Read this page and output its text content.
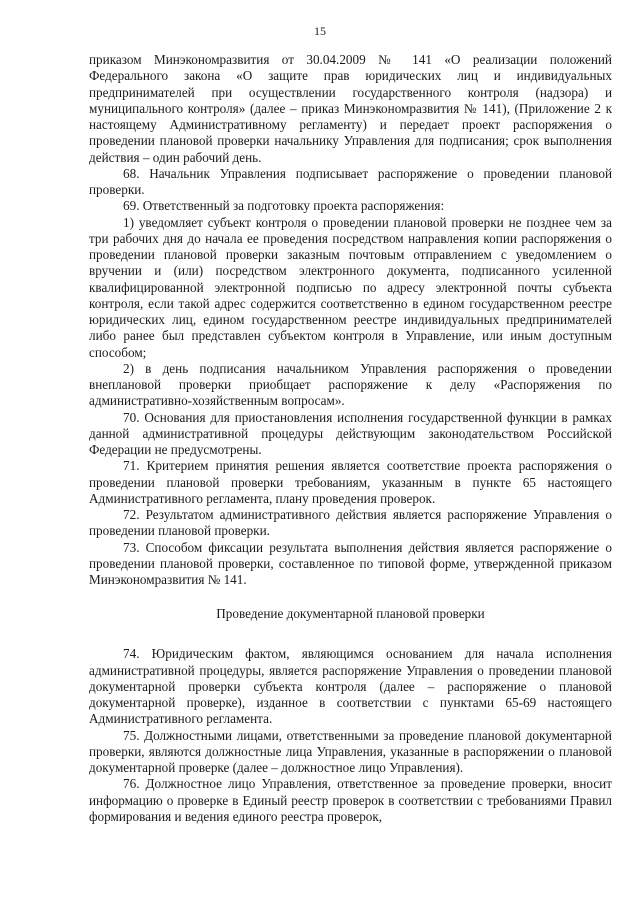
15

приказом Минэкономразвития от 30.04.2009 № 141 «О реализации положений Федерального закона «О защите прав юридических лиц и индивидуальных предпринимателей при осуществлении государственного контроля (надзора) и муниципального контроля» (далее – приказ Минэкономразвития № 141), (Приложение 2 к настоящему Административному регламенту) и передает проект распоряжения о проведении плановой проверки начальнику Управления для подписания; срок выполнения действия – один рабочий день.

68. Начальник Управления подписывает распоряжение о проведении плановой проверки.

69. Ответственный за подготовку проекта распоряжения:

1) уведомляет субъект контроля о проведении плановой проверки не позднее чем за три рабочих дня до начала ее проведения посредством направления копии распоряжения о проведении плановой проверки заказным почтовым отправлением с уведомлением о вручении и (или) посредством электронного документа, подписанного усиленной квалифицированной электронной подписью по адресу электронной почты субъекта контроля, если такой адрес содержится соответственно в едином государственном реестре юридических лиц, едином государственном реестре индивидуальных предпринимателей либо ранее был представлен субъектом контроля в Управление, или иным доступным способом;

2) в день подписания начальником Управления распоряжения о проведении внеплановой проверки приобщает распоряжение к делу «Распоряжения по административно-хозяйственным вопросам».

70. Основания для приостановления исполнения государственной функции в рамках данной административной процедуры действующим законодательством Российской Федерации не предусмотрены.

71. Критерием принятия решения является соответствие проекта распоряжения о проведении плановой проверки требованиям, указанным в пункте 65 настоящего Административного регламента, плану проведения проверок.

72. Результатом административного действия является распоряжение Управления о проведении плановой проверки.

73. Способом фиксации результата выполнения действия является распоряжение о проведении плановой проверки, составленное по типовой форме, утвержденной приказом Минэкономразвития № 141.

Проведение документарной плановой проверки

74. Юридическим фактом, являющимся основанием для начала исполнения административной процедуры, является распоряжение Управления о проведении плановой документарной проверки субъекта контроля (далее – распоряжение о плановой документарной проверке), изданное в соответствии с пунктами 65-69 настоящего Административного регламента.

75. Должностными лицами, ответственными за проведение плановой документарной проверки, являются должностные лица Управления, указанные в распоряжении о плановой документарной проверке (далее – должностное лицо Управления).

76. Должностное лицо Управления, ответственное за проведение проверки, вносит информацию о проверке в Единый реестр проверок в соответствии с требованиями Правил формирования и ведения единого реестра проверок,
